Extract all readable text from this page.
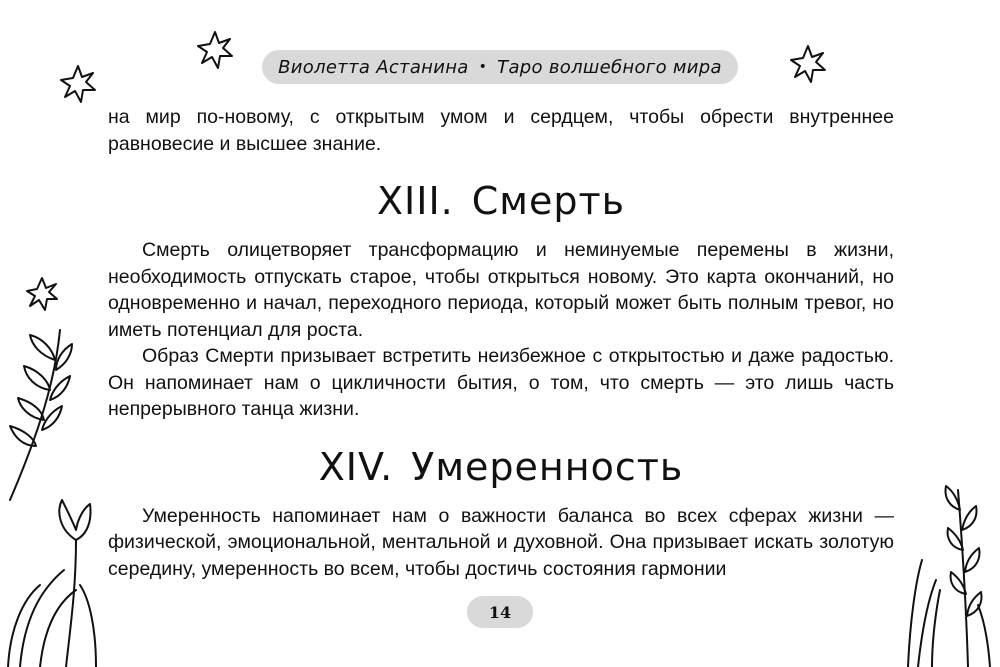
Виолетта Астанина • Таро волшебного мира

на мир по-новому, с открытым умом и сердцем, чтобы обрести внутреннее равновесие и высшее знание.

XIII. Смерть

Смерть олицетворяет трансформацию и неминуемые перемены в жизни, необходимость отпускать старое, чтобы открыться новому. Это карта окончаний, но одновременно и начал, переходного периода, который может быть полным тревог, но иметь потенциал для роста.

Образ Смерти призывает встретить неизбежное с открытостью и даже радостью. Он напоминает нам о цикличности бытия, о том, что смерть — это лишь часть непрерывного танца жизни.

XIV. Умеренность

Умеренность напоминает нам о важности баланса во всех сферах жизни — физической, эмоциональной, ментальной и духовной. Она призывает искать золотую середину, умеренность во всем, чтобы достичь состояния гармонии

14
